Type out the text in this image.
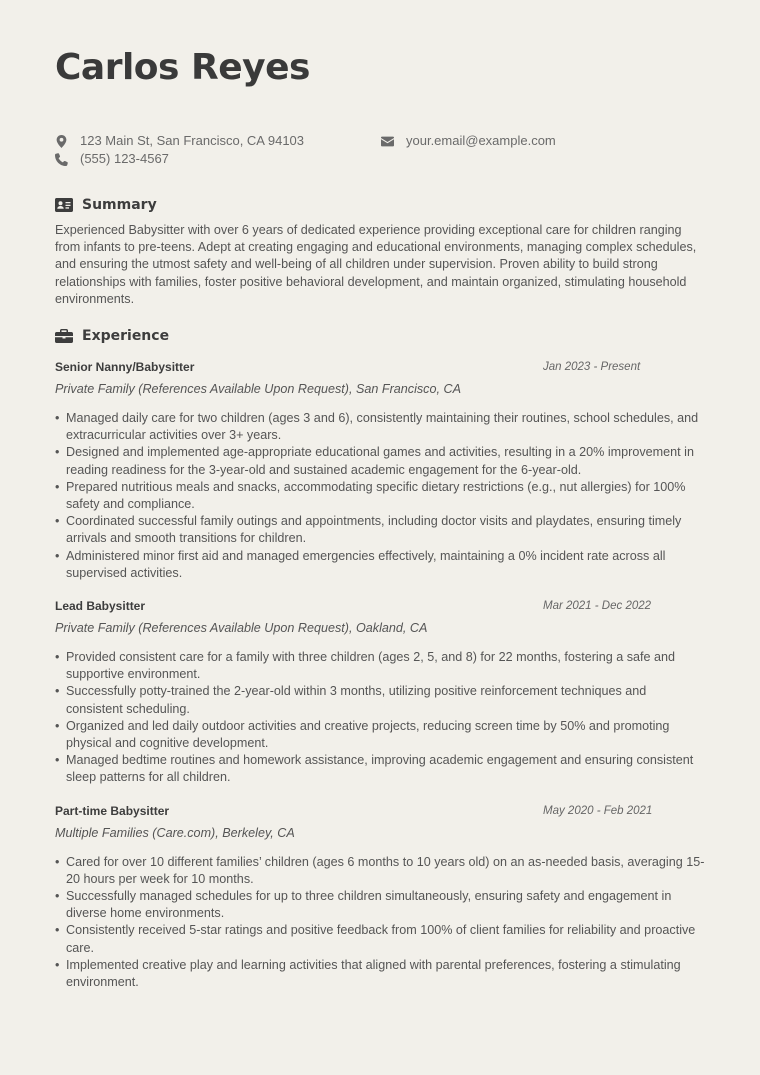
Carlos Reyes
123 Main St, San Francisco, CA 94103	your.email@example.com
(555) 123-4567
Summary
Experienced Babysitter with over 6 years of dedicated experience providing exceptional care for children ranging from infants to pre-teens. Adept at creating engaging and educational environments, managing complex schedules, and ensuring the utmost safety and well-being of all children under supervision. Proven ability to build strong relationships with families, foster positive behavioral development, and maintain organized, stimulating household environments.
Experience
Senior Nanny/Babysitter	Jan 2023 - Present
Private Family (References Available Upon Request), San Francisco, CA
• Managed daily care for two children (ages 3 and 6), consistently maintaining their routines, school schedules, and extracurricular activities over 3+ years.
• Designed and implemented age-appropriate educational games and activities, resulting in a 20% improvement in reading readiness for the 3-year-old and sustained academic engagement for the 6-year-old.
• Prepared nutritious meals and snacks, accommodating specific dietary restrictions (e.g., nut allergies) for 100% safety and compliance.
• Coordinated successful family outings and appointments, including doctor visits and playdates, ensuring timely arrivals and smooth transitions for children.
• Administered minor first aid and managed emergencies effectively, maintaining a 0% incident rate across all supervised activities.
Lead Babysitter	Mar 2021 - Dec 2022
Private Family (References Available Upon Request), Oakland, CA
• Provided consistent care for a family with three children (ages 2, 5, and 8) for 22 months, fostering a safe and supportive environment.
• Successfully potty-trained the 2-year-old within 3 months, utilizing positive reinforcement techniques and consistent scheduling.
• Organized and led daily outdoor activities and creative projects, reducing screen time by 50% and promoting physical and cognitive development.
• Managed bedtime routines and homework assistance, improving academic engagement and ensuring consistent sleep patterns for all children.
Part-time Babysitter	May 2020 - Feb 2021
Multiple Families (Care.com), Berkeley, CA
• Cared for over 10 different families’ children (ages 6 months to 10 years old) on an as-needed basis, averaging 15-20 hours per week for 10 months.
• Successfully managed schedules for up to three children simultaneously, ensuring safety and engagement in diverse home environments.
• Consistently received 5-star ratings and positive feedback from 100% of client families for reliability and proactive care.
• Implemented creative play and learning activities that aligned with parental preferences, fostering a stimulating environment.
